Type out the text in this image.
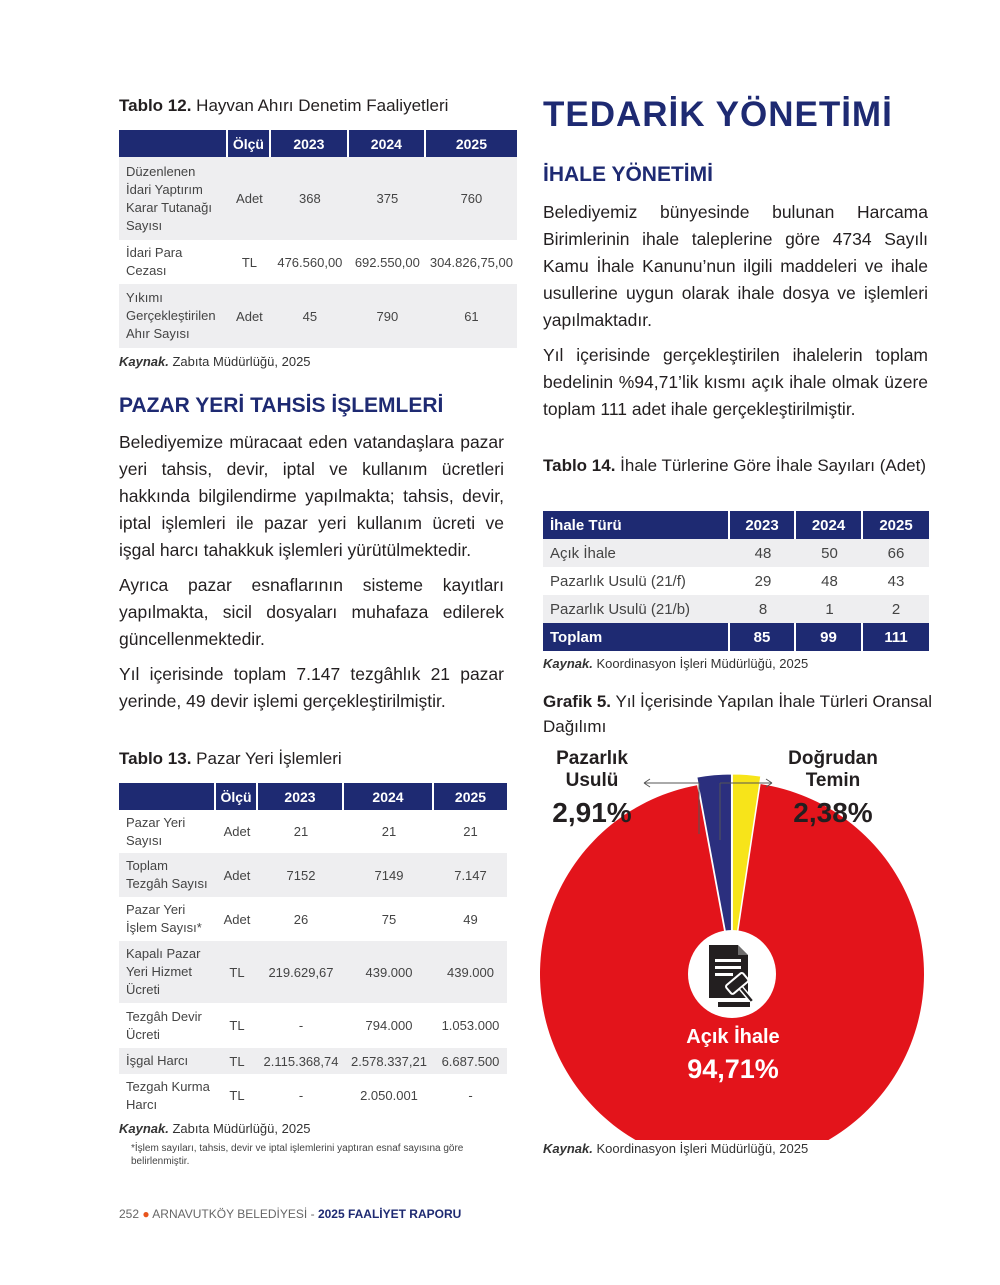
Tablo 12. Hayvan Ahırı Denetim Faaliyetleri
	Ölçü	2023	2024	2025
Düzenlenen İdari Yaptırım Karar Tutanağı Sayısı	Adet	368	375	760
İdari Para Cezası	TL	476.560,00	692.550,00	304.826,75,00
Yıkımı Gerçekleştirilen Ahır Sayısı	Adet	45	790	61
Kaynak. Zabıta Müdürlüğü, 2025
PAZAR YERİ TAHSİS İŞLEMLERİ

Belediyemize müracaat eden vatandaşlara pazar yeri tahsis, devir, iptal ve kullanım ücretleri hakkında bilgilendirme yapılmakta; tahsis, devir, iptal işlemleri ile pazar yeri kullanım ücreti ve işgal harcı tahakkuk işlemleri yürütülmektedir.

Ayrıca pazar esnaflarının sisteme kayıtları yapılmakta, sicil dosyaları muhafaza edilerek güncellenmektedir.

Yıl içerisinde toplam 7.147 tezgâhlık 21 pazar yerinde, 49 devir işlemi gerçekleştirilmiştir.

Tablo 13. Pazar Yeri İşlemleri
	Ölçü	2023	2024	2025
Pazar Yeri Sayısı	Adet	21	21	21
Toplam Tezgâh Sayısı	Adet	7152	7149	7.147
Pazar Yeri İşlem Sayısı*	Adet	26	75	49
Kapalı Pazar Yeri Hizmet Ücreti	TL	219.629,67	439.000	439.000
Tezgâh Devir Ücreti	TL	-	794.000	1.053.000
İşgal Harcı	TL	2.115.368,74	2.578.337,21	6.687.500
Tezgah Kurma Harcı	TL	-	2.050.001	-
Kaynak. Zabıta Müdürlüğü, 2025
*İşlem sayıları, tahsis, devir ve iptal işlemlerini yaptıran esnaf sayısına göre belirlenmiştir.
TEDARİK YÖNETİMİ
İHALE YÖNETİMİ

Belediyemiz bünyesinde bulunan Harcama Birimlerinin ihale taleplerine göre 4734 Sayılı Kamu İhale Kanunu’nun ilgili maddeleri ve ihale usullerine uygun olarak ihale dosya ve işlemleri yapılmaktadır.

Yıl içerisinde gerçekleştirilen ihalelerin toplam bedelinin %94,71’lik kısmı açık ihale olmak üzere toplam 111 adet ihale gerçekleştirilmiştir.

Tablo 14. İhale Türlerine Göre İhale Sayıları (Adet)
İhale Türü	2023	2024	2025
Açık İhale	48	50	66
Pazarlık Usulü (21/f)	29	48	43
Pazarlık Usulü (21/b)	8	1	2
Toplam	85	99	111
Kaynak. Koordinasyon İşleri Müdürlüğü, 2025
Grafik 5. Yıl İçerisinde Yapılan İhale Türleri Oransal Dağılımı
Pazarlık
Usulü
2,91%
Doğrudan
Temin
2,38%
Açık İhale
94,71%
Kaynak. Koordinasyon İşleri Müdürlüğü, 2025
252 ● ARNAVUTKÖY BELEDİYESİ - 2025 FAALİYET RAPORU
